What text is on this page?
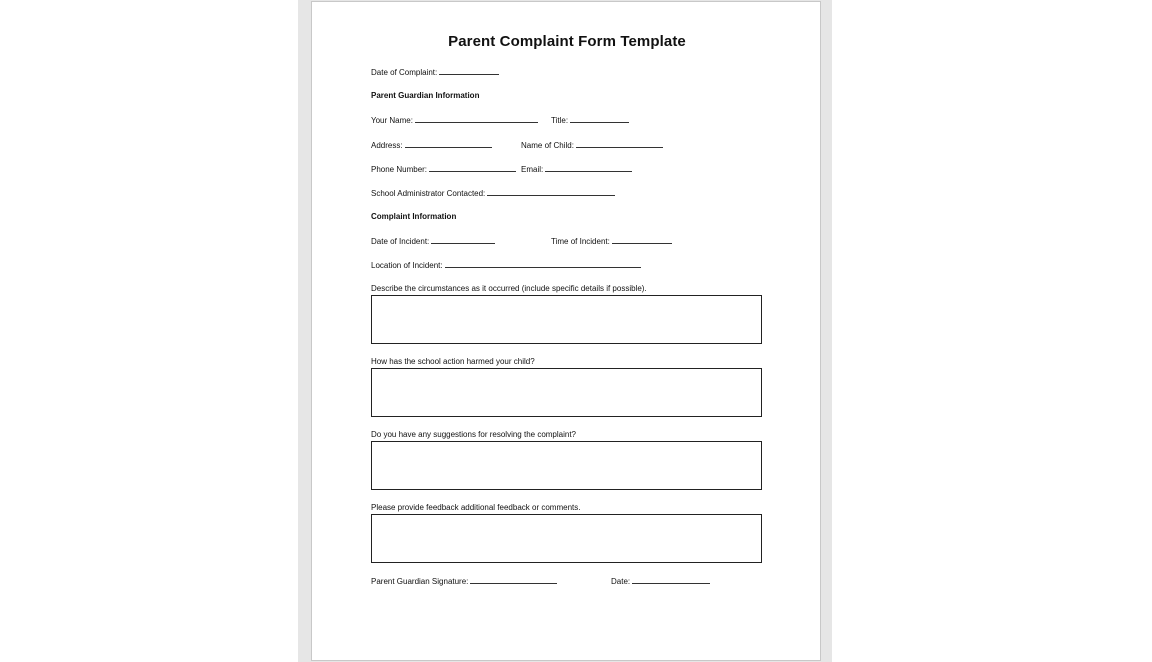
Parent Complaint Form Template
Date of Complaint:
Parent Guardian Information
Your Name:	Title:
Address:	Name of Child:
Phone Number:	Email:
School Administrator Contacted:
Complaint Information
Date of Incident:	Time of Incident:
Location of Incident:
Describe the circumstances as it occurred (include specific details if possible).
How has the school action harmed your child?
Do you have any suggestions for resolving the complaint?
Please provide feedback additional feedback or comments.
Parent Guardian Signature:	Date:
